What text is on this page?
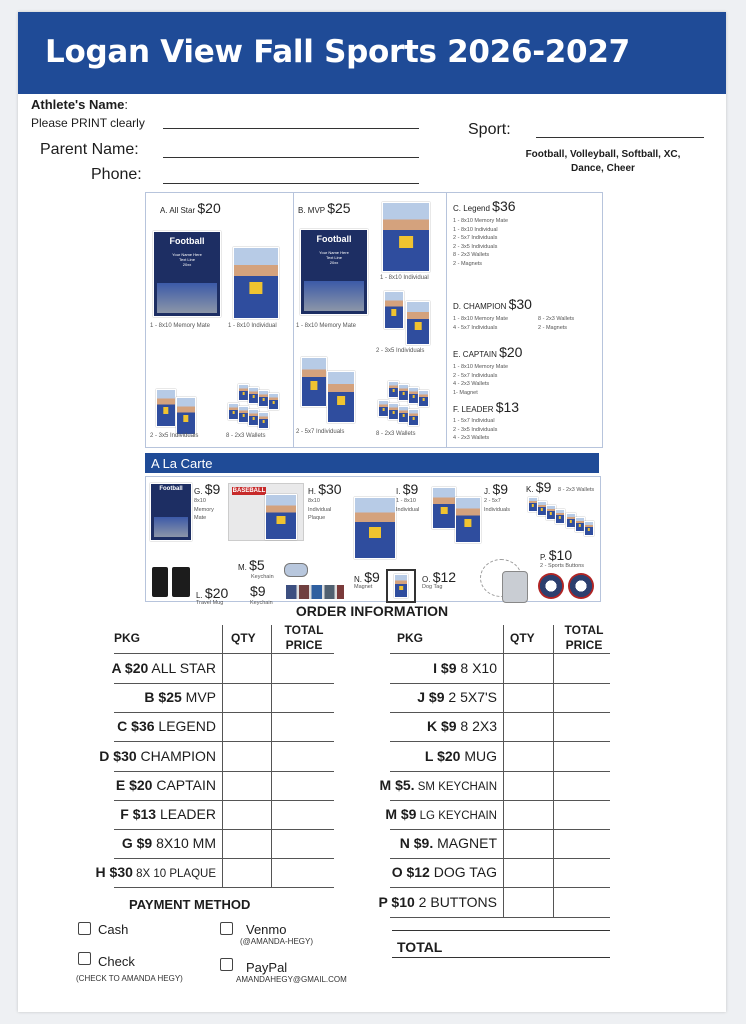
Logan View Fall Sports 2026-2027
Athlete's Name:
Please PRINT clearly
Parent Name:
Phone:
Sport:
Football, Volleyball, Softball, XC,
Dance, Cheer
A. All Star $20
Football
Your Name Here
Text Line
20xx
1 - 8x10 Memory Mate	1 - 8x10 Individual
2 - 3x5 Individuals	8 - 2x3 Wallets
B. MVP $25
Football
Your Name Here
Text Line
20xx
1 - 8x10 Individual
1 - 8x10 Memory Mate
2 - 3x5 Individuals
2 - 5x7 Individuals	8 - 2x3 Wallets
C. Legend $36
1 - 8x10 Memory Mate
1 - 8x10 Individual
2 - 5x7 Individuals
2 - 3x5 Individuals
8 - 2x3 Wallets
2 - Magnets
D. CHAMPION $30
1 - 8x10 Memory Mate
4 - 5x7 Individuals
8 - 2x3 Wallets
2 - Magnets
E. CAPTAIN $20
1 - 8x10 Memory Mate
2 - 5x7 Individuals
4 - 2x3 Wallets
1- Magnet
F. LEADER $13
1 - 5x7 Individual
2 - 3x5 Individuals
4 - 2x3 Wallets
A La Carte
Football	G. $9
8x10
Memory
Mate
BASEBALL	H. $30
8x10
Individual
Plaque
I. $9
1 - 8x10
Individual
J. $9
2 - 5x7
Individuals
K. $9 8 - 2x3 Wallets
P. $10
2 - Sports Buttons
L. $20
Travel Mug
M. $5
Keychain
$9
Keychain
N. $9
Magnet
O. $12
Dog Tag
ORDER INFORMATION
PKG	QTY
TOTAL
PRICE
A $20 ALL STAR
B $25 MVP
C $36 LEGEND
D $30 CHAMPION
E $20 CAPTAIN
F $13 LEADER
G $9 8X10 MM
H $30 8X 10 PLAQUE
PKG	QTY
TOTAL
PRICE
I $9 8 X10
J $9 2 5X7'S
K $9 8 2X3
L $20 MUG
M $5. SM KEYCHAIN
M $9 LG KEYCHAIN
N $9. MAGNET
O $12 DOG TAG
P $10 2 BUTTONS
TOTAL
PAYMENT METHOD
Cash
Check
(CHECK TO AMANDA HEGY)
Venmo
(@AMANDA-HEGY)
PayPal
AMANDAHEGY@GMAIL.COM
